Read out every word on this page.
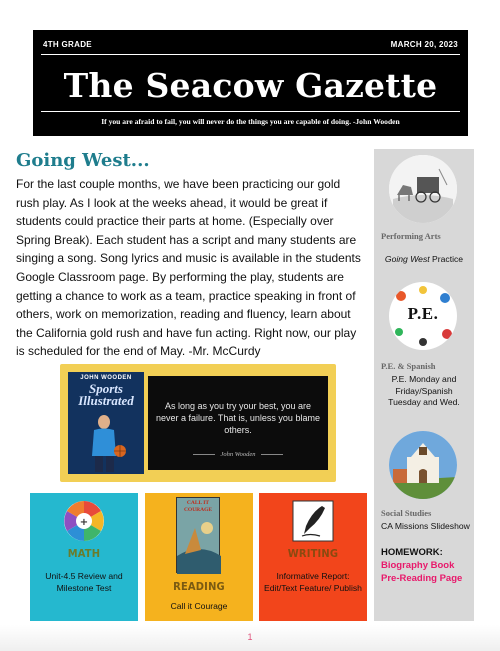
4TH GRADE	MARCH 20, 2023
The Seacow Gazette
If you are afraid to fail, you will never do the things you are capable of doing. -John Wooden
Going West...
For the last couple months, we have been practicing our gold rush play. As I look at the weeks ahead, it would be great if students could practice their parts at home. (Especially over Spring Break). Each student has a script and many students are singing a song. Song lyrics and music is available in the students Google Classroom page. By performing the play, students are getting a chance to work as a team, practice speaking in front of others, work on memorization, reading and fluency, learn about the California gold rush and have fun acting. Right now, our play is scheduled for the end of May. -Mr. McCurdy
JOHN WOODEN
Sports Illustrated	As long as you try your best, you are never a failure. That is, unless you blame others.
John Wooden
+
MATH
Unit-4.5 Review and Milestone Test
CALL IT COURAGE
READING
Call it Courage
WRITING
Informative Report: Edit/Text Feature/ Publish
Performing Arts
Going West Practice
P.E.
P.E. & Spanish
P.E. Monday and Friday/Spanish Tuesday and Wed.
Social Studies
CA Missions Slideshow
HOMEWORK:
Biography Book Pre-Reading Page
1
